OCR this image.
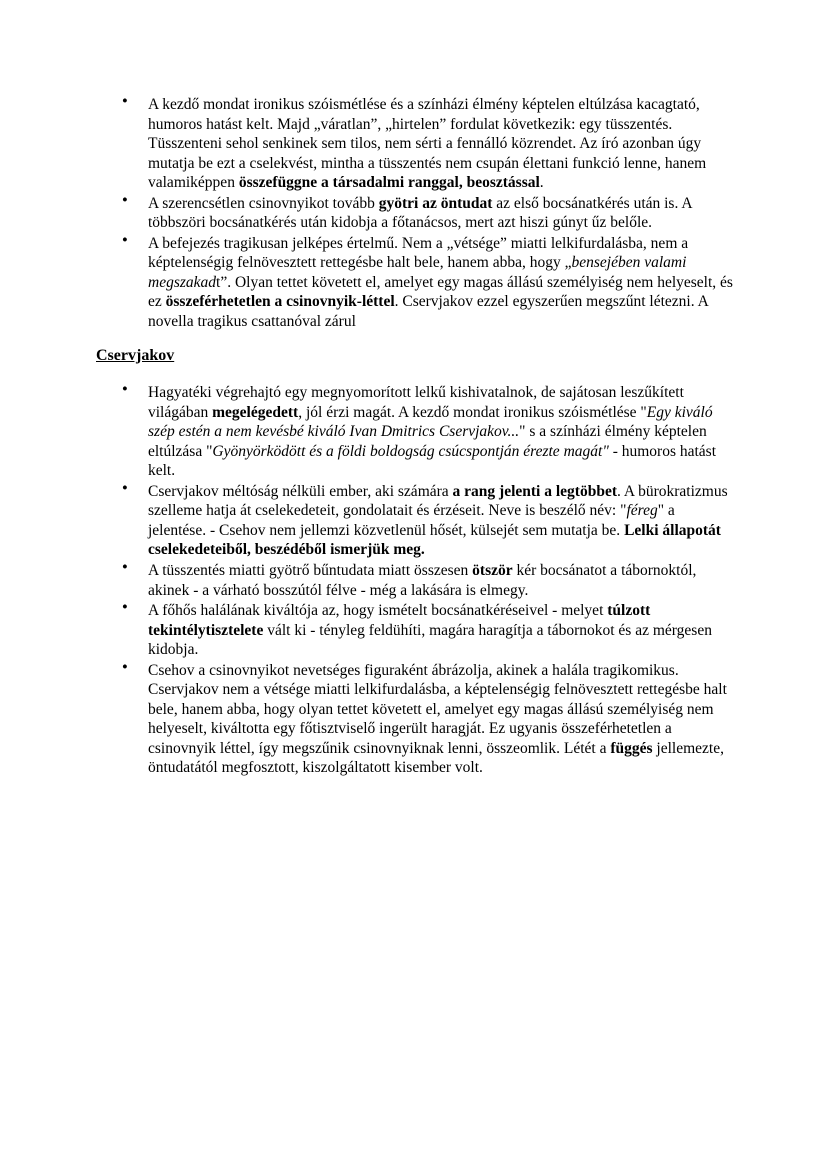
● A kezdő mondat ironikus szóismétlése és a színházi élmény képtelen eltúlzása kacagtató, humoros hatást kelt. Majd „váratlan”, „hirtelen” fordulat következik: egy tüsszentés. Tüsszenteni sehol senkinek sem tilos, nem sérti a fennálló közrendet. Az író azonban úgy mutatja be ezt a cselekvést, mintha a tüsszentés nem csupán élettani funkció lenne, hanem valamiképpen összefüggne a társadalmi ranggal, beosztással.
● A szerencsétlen csinovnyikot tovább gyötri az öntudat az első bocsánatkérés után is. A többszöri bocsánatkérés után kidobja a főtanácsos, mert azt hiszi gúnyt űz belőle.
● A befejezés tragikusan jelképes értelmű. Nem a „vétsége” miatti lelkifurdalásba, nem a képtelenségig felnövesztett rettegésbe halt bele, hanem abba, hogy „bensejében valami megszakadt”. Olyan tettet követett el, amelyet egy magas állású személyiség nem helyeselt, és ez összeférhetetlen a csinovnyik-léttel. Cservjakov ezzel egyszerűen megszűnt létezni. A novella tragikus csattanóval zárul
Cservjakov
● Hagyatéki végrehajtó egy megnyomorított lelkű kishivatalnok, de sajátosan leszűkített világában megelégedett, jól érzi magát. A kezdő mondat ironikus szóismétlése "Egy kiváló szép estén a nem kevésbé kiváló Ivan Dmitrics Cservjakov..." s a színházi élmény képtelen eltúlzása "Gyönyörködött és a földi boldogság csúcspontján érezte magát" - humoros hatást kelt.
● Cservjakov méltóság nélküli ember, aki számára a rang jelenti a legtöbbet. A bürokratizmus szelleme hatja át cselekedeteit, gondolatait és érzéseit. Neve is beszélő név: "féreg" a jelentése. - Csehov nem jellemzi közvetlenül hősét, külsejét sem mutatja be. Lelki állapotát cselekedeteiből, beszédéből ismerjük meg.
● A tüsszentés miatti gyötrő bűntudata miatt összesen ötször kér bocsánatot a tábornoktól, akinek - a várható bosszútól félve - még a lakására is elmegy.
● A főhős halálának kiváltója az, hogy ismételt bocsánatkéréseivel - melyet túlzott tekintélytisztelete vált ki - tényleg feldühíti, magára haragítja a tábornokot és az mérgesen kidobja.
● Csehov a csinovnyikot nevetséges figuraként ábrázolja, akinek a halála tragikomikus. Cservjakov nem a vétsége miatti lelkifurdalásba, a képtelenségig felnövesztett rettegésbe halt bele, hanem abba, hogy olyan tettet követett el, amelyet egy magas állású személyiség nem helyeselt, kiváltotta egy főtisztviselő ingerült haragját. Ez ugyanis összeférhetetlen a csinovnyik léttel, így megszűnik csinovnyiknak lenni, összeomlik. Létét a függés jellemezte, öntudatától megfosztott, kiszolgáltatott kisember volt.
